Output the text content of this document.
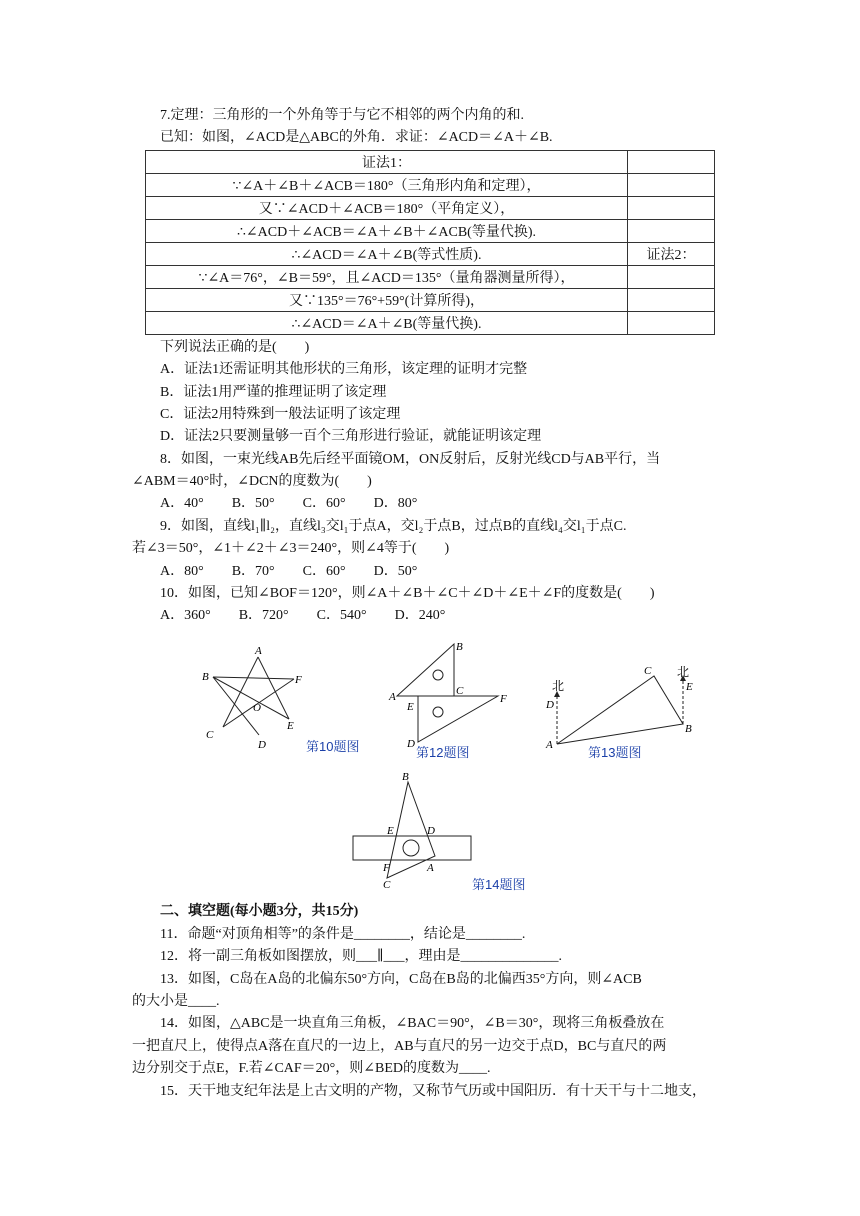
7.定理：三角形的一个外角等于与它不相邻的两个内角的和.
已知：如图，∠ACD是△ABC的外角．求证：∠ACD＝∠A＋∠B.
证法1：	
∵∠A＋∠B＋∠ACB＝180°（三角形内角和定理），	
又∵∠ACD＋∠ACB＝180°（平角定义），	
∴∠ACD＋∠ACB＝∠A＋∠B＋∠ACB(等量代换).	
∴∠ACD＝∠A＋∠B(等式性质).	证法2：
∵∠A＝76°，∠B＝59°，且∠ACD＝135°（量角器测量所得），	
又∵135°＝76°+59°(计算所得)，	
∴∠ACD＝∠A＋∠B(等量代换).	
下列说法正确的是(　　)
A．证法1还需证明其他形状的三角形，该定理的证明才完整
B．证法1用严谨的推理证明了该定理
C．证法2用特殊到一般法证明了该定理
D．证法2只要测量够一百个三角形进行验证，就能证明该定理
8．如图，一束光线AB先后经平面镜OM，ON反射后，反射光线CD与AB平行，当
∠ABM＝40°时，∠DCN的度数为(　　)
A．40°　　B．50°　　C．60°　　D．80°
9．如图，直线l₁∥l₂，直线l₃交l₁于点A，交l₂于点B，过点B的直线l₄交l₁于点C.
若∠3＝50°，∠1＋∠2＋∠3＝240°，则∠4等于(　　)
A．80°　　B．70°　　C．60°　　D．50°
10．如图，已知∠BOF＝120°，则∠A＋∠B＋∠C＋∠D＋∠E＋∠F的度数是(　　)
A．360°　　B．720°　　C．540°　　D．240°
A
B
C
D
E
F
O
第10题图
B
A	C
F
E
D
第12题图	A
B
C
D
E
北
北
第13题图
B
E	D
F	A
C	第14题图
二、填空题(每小题3分，共15分)
11．命题“对顶角相等”的条件是________，结论是________.
12．将一副三角板如图摆放，则___∥___，理由是______________.
13．如图，C岛在A岛的北偏东50°方向，C岛在B岛的北偏西35°方向，则∠ACB
的大小是____.
14．如图，△ABC是一块直角三角板，∠BAC＝90°，∠B＝30°，现将三角板叠放在
一把直尺上，使得点A落在直尺的一边上，AB与直尺的另一边交于点D，BC与直尺的两
边分别交于点E，F.若∠CAF＝20°，则∠BED的度数为____.
15．天干地支纪年法是上古文明的产物，又称节气历或中国阳历．有十天干与十二地支，
